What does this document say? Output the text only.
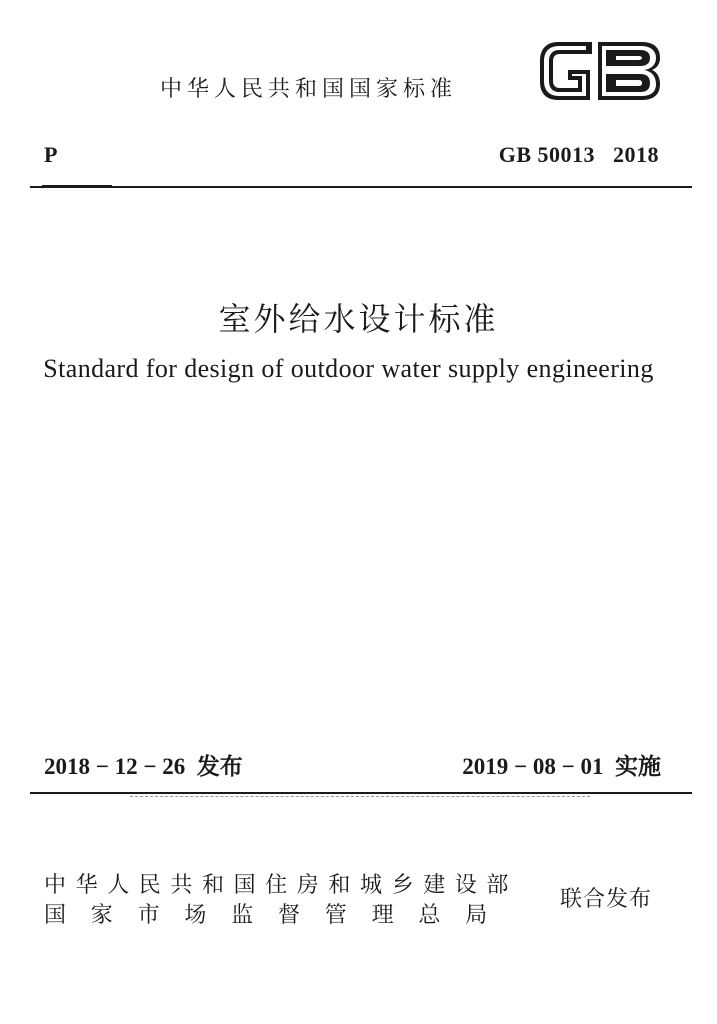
中华人民共和国国家标准
P	GB 50013   2018
室外给水设计标准
Standard for design of outdoor water supply engineering
2018 − 12 − 26  发布	2019 − 08 − 01  实施
中华人民共和国住房和城乡建设部
国家市场监督管理总局
联合发布
